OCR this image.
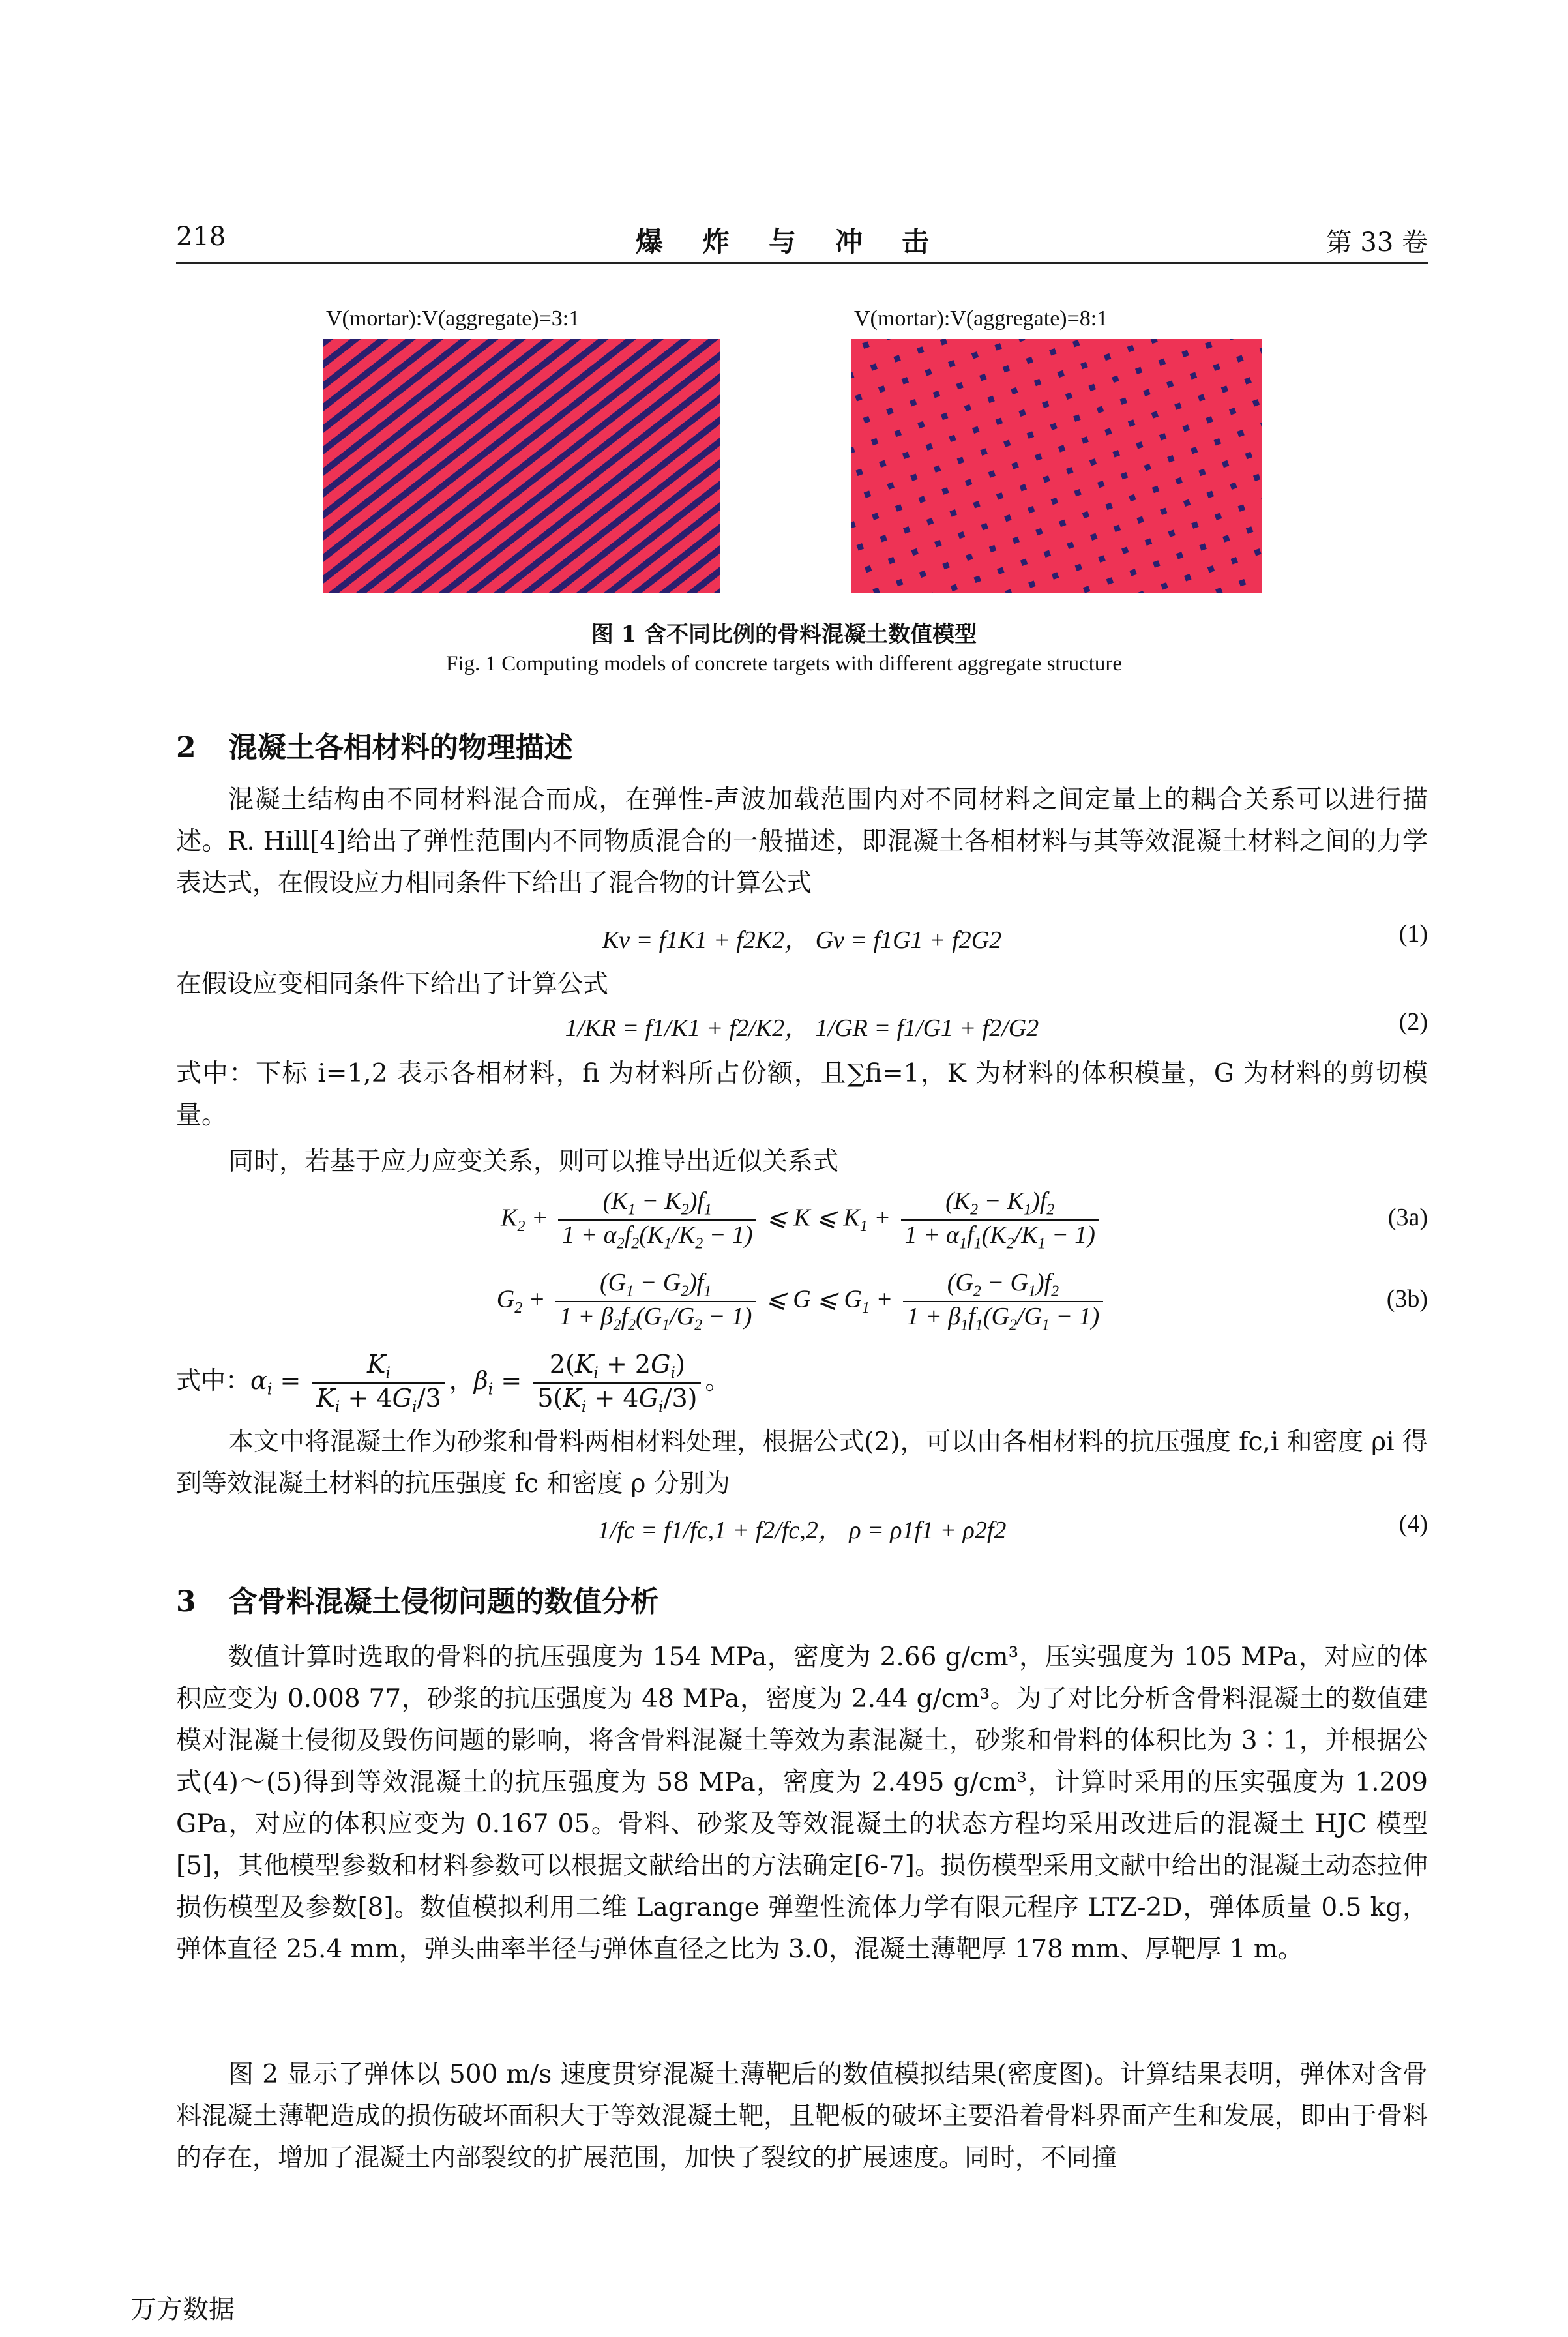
218	爆炸与冲击	第 33 卷
V(mortar):V(aggregate)=3:1	V(mortar):V(aggregate)=8:1
图 1 含不同比例的骨料混凝土数值模型
Fig. 1 Computing models of concrete targets with different aggregate structure
2 混凝土各相材料的物理描述

混凝土结构由不同材料混合而成，在弹性-声波加载范围内对不同材料之间定量上的耦合关系可以进行描述。R. Hill[4]给出了弹性范围内不同物质混合的一般描述，即混凝土各相材料与其等效混凝土材料之间的力学表达式，在假设应力相同条件下给出了混合物的计算公式

Kv = f1K1 + f2K2， Gv = f1G1 + f2G2	(1)

在假设应变相同条件下给出了计算公式

1/KR = f1/K1 + f2/K2， 1/GR = f1/G1 + f2/G2	(2)

式中：下标 i=1,2 表示各相材料，fi 为材料所占份额，且∑fi=1，K 为材料的体积模量，G 为材料的剪切模量。

同时，若基于应力应变关系，则可以推导出近似关系式

$K_2 + \frac{(K_1 - K_2)f_1}{1 + \alpha_2f_2(K_1/K_2 - 1)}$ ⩽ K ⩽ $K_1 + \frac{(K_2 - K_1)f_2}{1 + \alpha_1f_1(K_2/K_1 - 1)}$	(3a)
$G_2 + \frac{(G_1 - G_2)f_1}{1 + \beta_2f_2(G_1/G_2 - 1)}$ ⩽ G ⩽ $G_1 + \frac{(G_2 - G_1)f_2}{1 + \beta_1f_1(G_2/G_1 - 1)}$	(3b)
式中：$\alpha_i = \frac{K_i}{K_i + 4G_i/3}$ ，$\beta_i = \frac{2(K_i + 2G_i)}{5(K_i + 4G_i/3)}$ 。

本文中将混凝土作为砂浆和骨料两相材料处理，根据公式(2)，可以由各相材料的抗压强度 fc,i 和密度 ρi 得到等效混凝土材料的抗压强度 fc 和密度 ρ 分别为

1/fc = f1/fc,1 + f2/fc,2， ρ = ρ1f1 + ρ2f2	(4)
3 含骨料混凝土侵彻问题的数值分析

数值计算时选取的骨料的抗压强度为 154 MPa，密度为 2.66 g/cm³，压实强度为 105 MPa，对应的体积应变为 0.008 77，砂浆的抗压强度为 48 MPa，密度为 2.44 g/cm³。为了对比分析含骨料混凝土的数值建模对混凝土侵彻及毁伤问题的影响，将含骨料混凝土等效为素混凝土，砂浆和骨料的体积比为 3∶1，并根据公式(4)～(5)得到等效混凝土的抗压强度为 58 MPa，密度为 2.495 g/cm³，计算时采用的压实强度为 1.209 GPa，对应的体积应变为 0.167 05。骨料、砂浆及等效混凝土的状态方程均采用改进后的混凝土 HJC 模型[5]，其他模型参数和材料参数可以根据文献给出的方法确定[6-7]。损伤模型采用文献中给出的混凝土动态拉伸损伤模型及参数[8]。数值模拟利用二维 Lagrange 弹塑性流体力学有限元程序 LTZ-2D，弹体质量 0.5 kg，弹体直径 25.4 mm，弹头曲率半径与弹体直径之比为 3.0，混凝土薄靶厚 178 mm、厚靶厚 1 m。

图 2 显示了弹体以 500 m/s 速度贯穿混凝土薄靶后的数值模拟结果(密度图)。计算结果表明，弹体对含骨料混凝土薄靶造成的损伤破坏面积大于等效混凝土靶，且靶板的破坏主要沿着骨料界面产生和发展，即由于骨料的存在，增加了混凝土内部裂纹的扩展范围，加快了裂纹的扩展速度。同时，不同撞

万方数据
